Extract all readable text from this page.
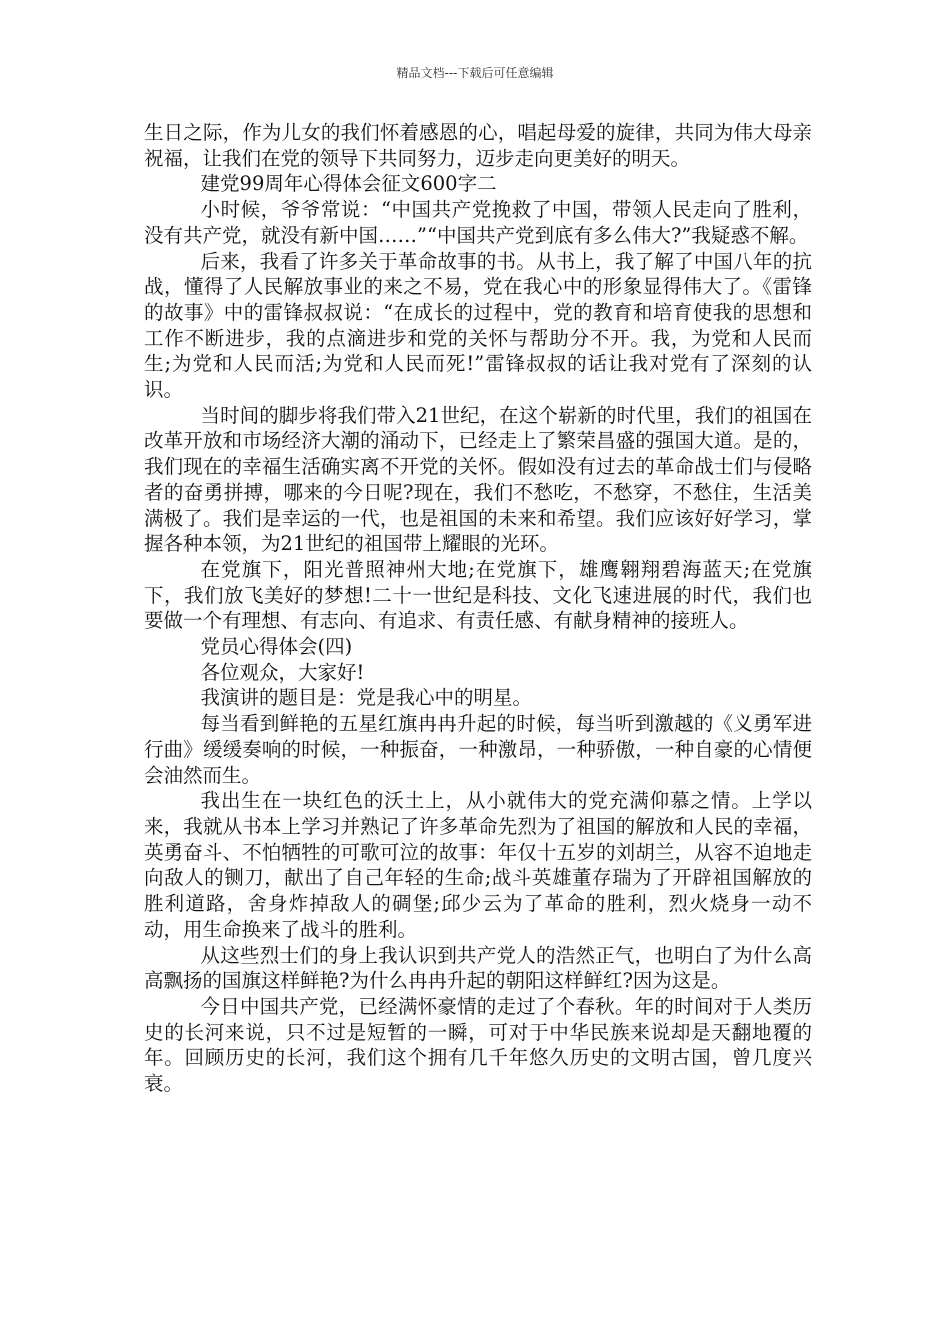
精品文档---下载后可任意编辑

生日之际，作为儿女的我们怀着感恩的心，唱起母爱的旋律，共同为伟大母亲祝福，让我们在党的领导下共同努力，迈步走向更美好的明天。

建党99周年心得体会征文600字二

小时候，爷爷常说：“中国共产党挽救了中国，带领人民走向了胜利，没有共产党，就没有新中国……”“中国共产党到底有多么伟大?”我疑惑不解。

后来，我看了许多关于革命故事的书。从书上，我了解了中国八年的抗战，懂得了人民解放事业的来之不易，党在我心中的形象显得伟大了。《雷锋的故事》中的雷锋叔叔说：“在成长的过程中，党的教育和培育使我的思想和工作不断进步，我的点滴进步和党的关怀与帮助分不开。我，为党和人民而生;为党和人民而活;为党和人民而死!”雷锋叔叔的话让我对党有了深刻的认识。

当时间的脚步将我们带入21世纪，在这个崭新的时代里，我们的祖国在改革开放和市场经济大潮的涌动下，已经走上了繁荣昌盛的强国大道。是的，我们现在的幸福生活确实离不开党的关怀。假如没有过去的革命战士们与侵略者的奋勇拼搏，哪来的今日呢?现在，我们不愁吃，不愁穿，不愁住，生活美满极了。我们是幸运的一代，也是祖国的未来和希望。我们应该好好学习，掌握各种本领，为21世纪的祖国带上耀眼的光环。

在党旗下，阳光普照神州大地;在党旗下，雄鹰翱翔碧海蓝天;在党旗下，我们放飞美好的梦想!二十一世纪是科技、文化飞速进展的时代，我们也要做一个有理想、有志向、有追求、有责任感、有献身精神的接班人。

党员心得体会(四)

各位观众，大家好!

我演讲的题目是：党是我心中的明星。

每当看到鲜艳的五星红旗冉冉升起的时候，每当听到激越的《义勇军进行曲》缓缓奏响的时候，一种振奋，一种激昂，一种骄傲，一种自豪的心情便会油然而生。

我出生在一块红色的沃土上，从小就伟大的党充满仰慕之情。上学以来，我就从书本上学习并熟记了许多革命先烈为了祖国的解放和人民的幸福，英勇奋斗、不怕牺牲的可歌可泣的故事：年仅十五岁的刘胡兰，从容不迫地走向敌人的铡刀，献出了自己年轻的生命;战斗英雄董存瑞为了开辟祖国解放的胜利道路，舍身炸掉敌人的碉堡;邱少云为了革命的胜利，烈火烧身一动不动，用生命换来了战斗的胜利。

从这些烈士们的身上我认识到共产党人的浩然正气，也明白了为什么高高飘扬的国旗这样鲜艳?为什么冉冉升起的朝阳这样鲜红?因为这是。

今日中国共产党，已经满怀豪情的走过了个春秋。年的时间对于人类历史的长河来说，只不过是短暂的一瞬，可对于中华民族来说却是天翻地覆的年。回顾历史的长河，我们这个拥有几千年悠久历史的文明古国，曾几度兴衰。
